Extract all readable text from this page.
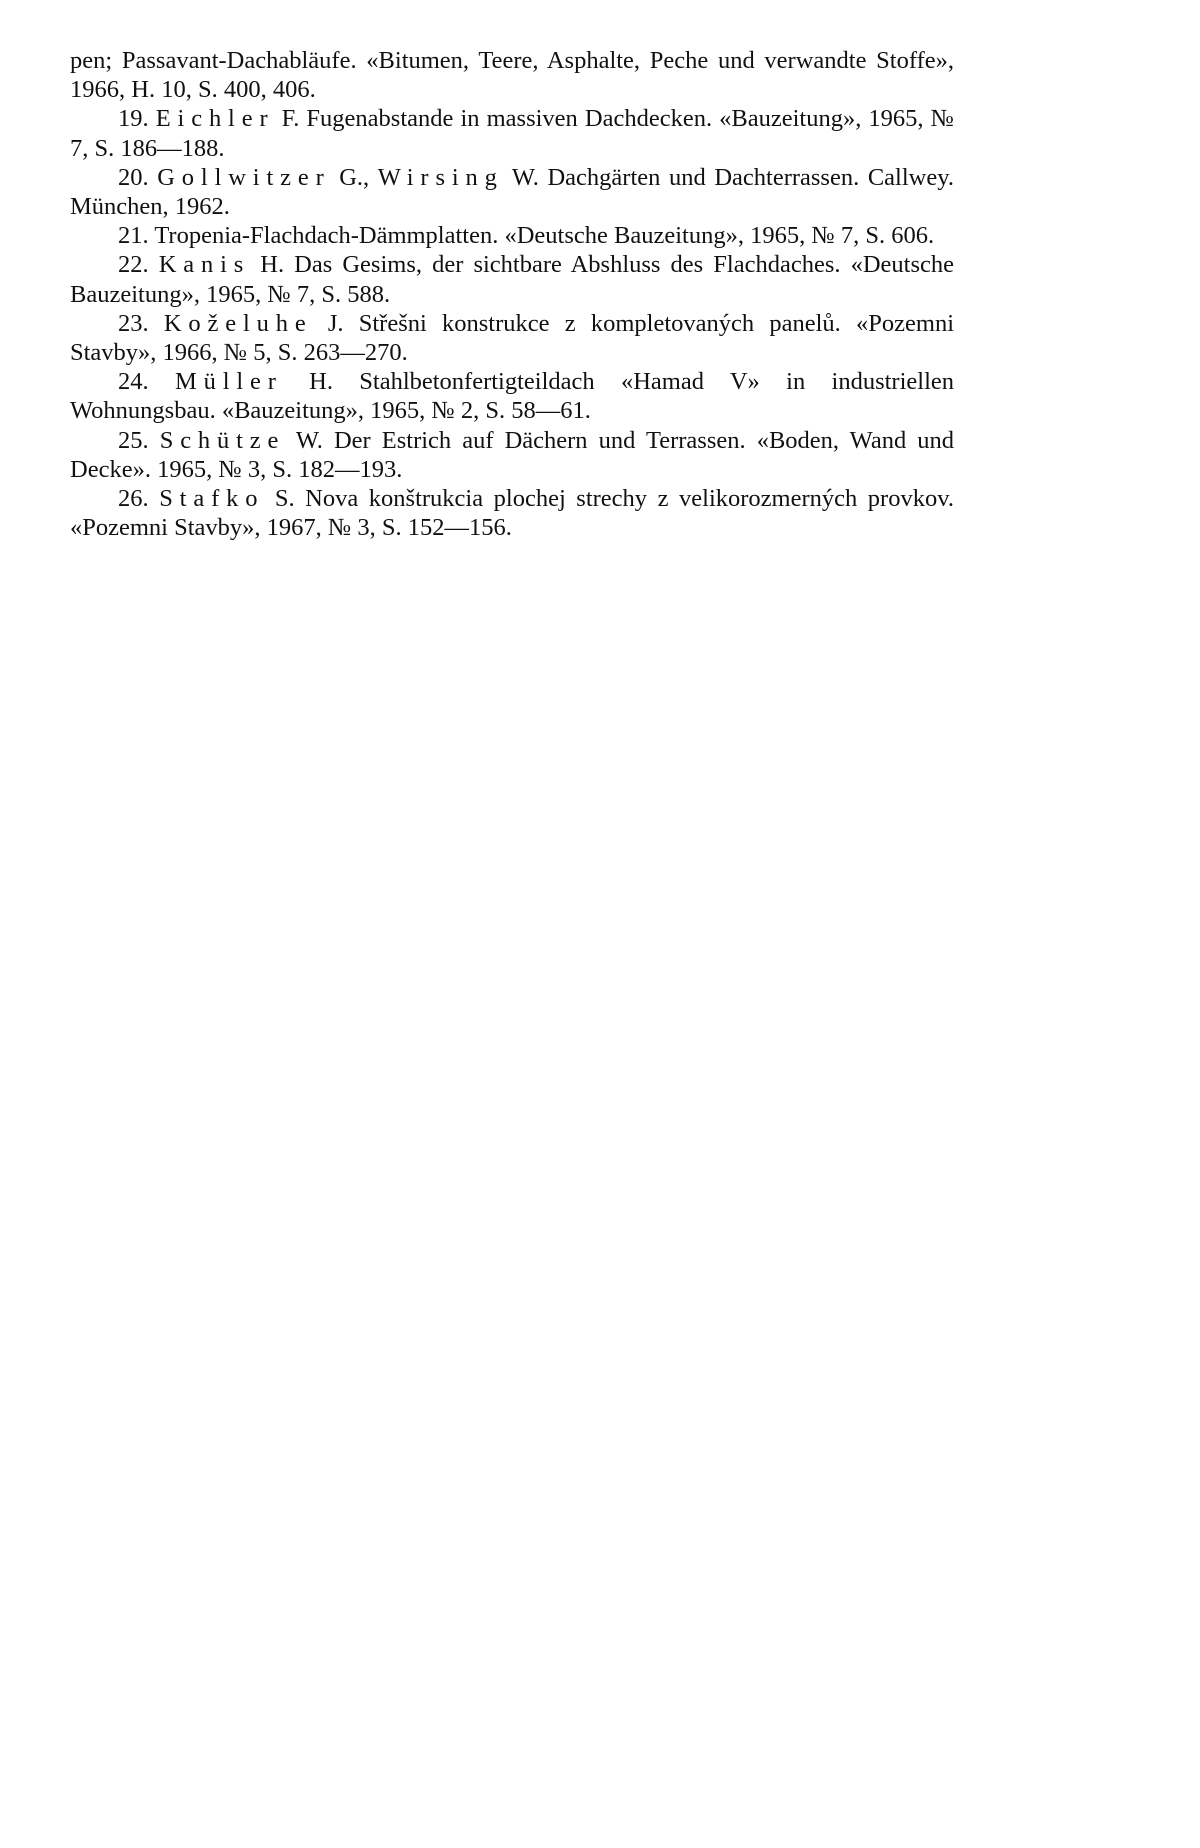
pen; Passavant-Dachabläufe. «Bitumen, Teere, Asphalte, Peche und verwandte Stoffe», 1966, H. 10, S. 400, 406.

19. Eichler F. Fugenabstande in massiven Dachdecken. «Bauzeitung», 1965, № 7, S. 186—188.

20. Gollwitzer G., Wirsing W. Dachgärten und Dachterrassen. Callwey. München, 1962.

21. Tropenia-Flachdach-Dämmplatten. «Deutsche Bauzeitung», 1965, № 7, S. 606.

22. Kanis H. Das Gesims, der sichtbare Abshluss des Flachdaches. «Deutsche Bauzeitung», 1965, № 7, S. 588.

23. Koželuhe J. Střešni konstrukce z kompletovaných panelů. «Pozemni Stavby», 1966, № 5, S. 263—270.

24. Müller H. Stahlbetonfertigteildach «Hamad V» in industriellen Wohnungsbau. «Bauzeitung», 1965, № 2, S. 58—61.

25. Schütze W. Der Estrich auf Dächern und Terrassen. «Boden, Wand und Decke». 1965, № 3, S. 182—193.

26. Stafko S. Nova konštrukcia plochej strechy z velikorozmerných provkov. «Pozemni Stavby», 1967, № 3, S. 152—156.
